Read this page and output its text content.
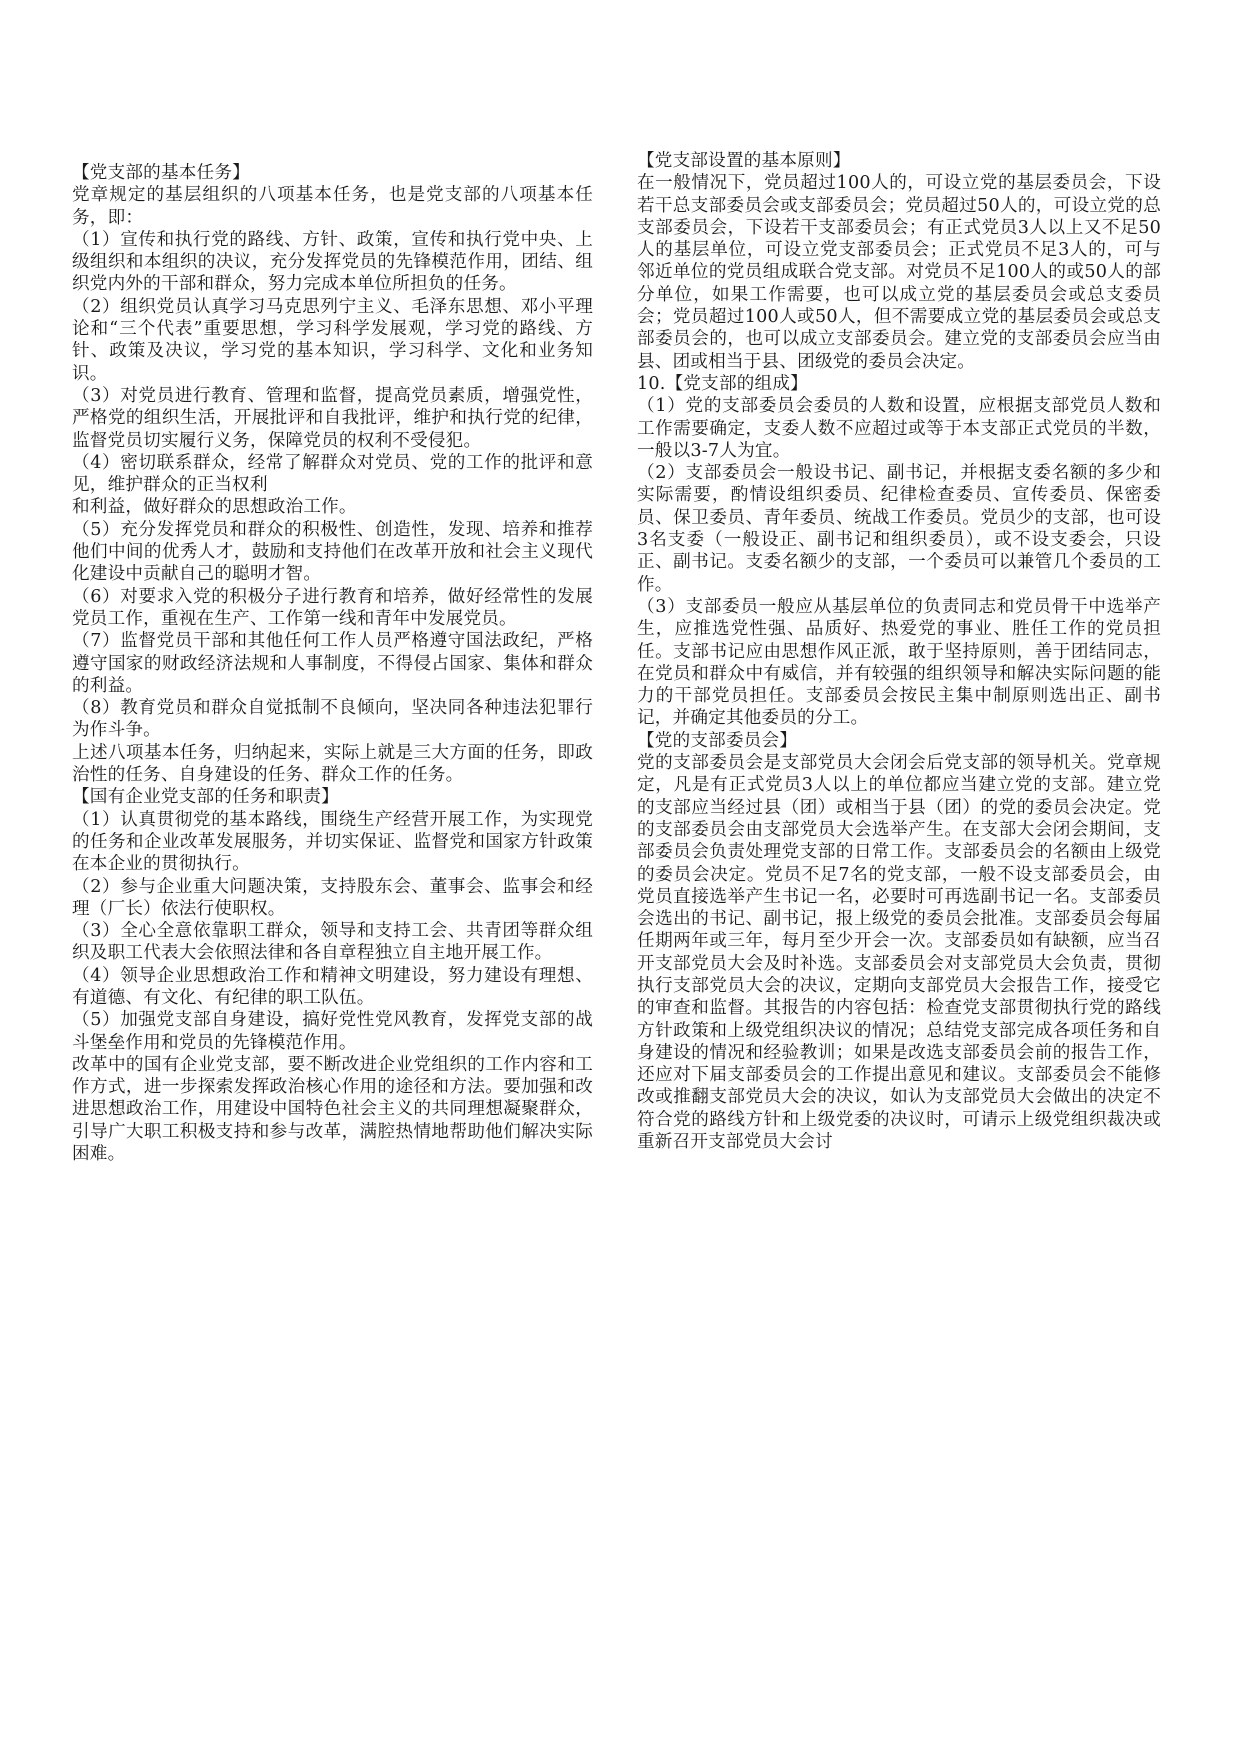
【党支部的基本任务】

党章规定的基层组织的八项基本任务，也是党支部的八项基本任务，即：

（1）宣传和执行党的路线、方针、政策，宣传和执行党中央、上级组织和本组织的决议，充分发挥党员的先锋模范作用，团结、组织党内外的干部和群众，努力完成本单位所担负的任务。

（2）组织党员认真学习马克思列宁主义、毛泽东思想、邓小平理论和“三个代表”重要思想，学习科学发展观，学习党的路线、方针、政策及决议，学习党的基本知识，学习科学、文化和业务知识。

（3）对党员进行教育、管理和监督，提高党员素质，增强党性，严格党的组织生活，开展批评和自我批评，维护和执行党的纪律，监督党员切实履行义务，保障党员的权利不受侵犯。

（4）密切联系群众，经常了解群众对党员、党的工作的批评和意见，维护群众的正当权利

和利益，做好群众的思想政治工作。

（5）充分发挥党员和群众的积极性、创造性，发现、培养和推荐他们中间的优秀人才，鼓励和支持他们在改革开放和社会主义现代化建设中贡献自己的聪明才智。

（6）对要求入党的积极分子进行教育和培养，做好经常性的发展党员工作，重视在生产、工作第一线和青年中发展党员。

（7）监督党员干部和其他任何工作人员严格遵守国法政纪，严格遵守国家的财政经济法规和人事制度，不得侵占国家、集体和群众的利益。

（8）教育党员和群众自觉抵制不良倾向，坚决同各种违法犯罪行为作斗争。

上述八项基本任务，归纳起来，实际上就是三大方面的任务，即政治性的任务、自身建设的任务、群众工作的任务。

【国有企业党支部的任务和职责】

（1）认真贯彻党的基本路线，围绕生产经营开展工作，为实现党的任务和企业改革发展服务，并切实保证、监督党和国家方针政策在本企业的贯彻执行。

（2）参与企业重大问题决策，支持股东会、董事会、监事会和经理（厂长）依法行使职权。

（3）全心全意依靠职工群众，领导和支持工会、共青团等群众组织及职工代表大会依照法律和各自章程独立自主地开展工作。

（4）领导企业思想政治工作和精神文明建设，努力建设有理想、有道德、有文化、有纪律的职工队伍。

（5）加强党支部自身建设，搞好党性党风教育，发挥党支部的战斗堡垒作用和党员的先锋模范作用。

改革中的国有企业党支部，要不断改进企业党组织的工作内容和工作方式，进一步探索发挥政治核心作用的途径和方法。要加强和改进思想政治工作，用建设中国特色社会主义的共同理想凝聚群众，引导广大职工积极支持和参与改革，满腔热情地帮助他们解决实际困难。

【党支部设置的基本原则】

在一般情况下，党员超过100人的，可设立党的基层委员会，下设若干总支部委员会或支部委员会；党员超过50人的，可设立党的总支部委员会，下设若干支部委员会；有正式党员3人以上又不足50人的基层单位，可设立党支部委员会；正式党员不足3人的，可与邻近单位的党员组成联合党支部。对党员不足100人的或50人的部分单位，如果工作需要，也可以成立党的基层委员会或总支委员会；党员超过100人或50人，但不需要成立党的基层委员会或总支部委员会的，也可以成立支部委员会。建立党的支部委员会应当由县、团或相当于县、团级党的委员会决定。

10.【党支部的组成】

（1）党的支部委员会委员的人数和设置，应根据支部党员人数和工作需要确定，支委人数不应超过或等于本支部正式党员的半数，一般以3-7人为宜。

（2）支部委员会一般设书记、副书记，并根据支委名额的多少和实际需要，酌情设组织委员、纪律检查委员、宣传委员、保密委员、保卫委员、青年委员、统战工作委员。党员少的支部，也可设3名支委（一般设正、副书记和组织委员），或不设支委会，只设正、副书记。支委名额少的支部，一个委员可以兼管几个委员的工作。

（3）支部委员一般应从基层单位的负责同志和党员骨干中选举产生，应推选党性强、品质好、热爱党的事业、胜任工作的党员担任。支部书记应由思想作风正派，敢于坚持原则，善于团结同志，在党员和群众中有威信，并有较强的组织领导和解决实际问题的能力的干部党员担任。支部委员会按民主集中制原则选出正、副书记，并确定其他委员的分工。

【党的支部委员会】

党的支部委员会是支部党员大会闭会后党支部的领导机关。党章规定，凡是有正式党员3人以上的单位都应当建立党的支部。建立党的支部应当经过县（团）或相当于县（团）的党的委员会决定。党的支部委员会由支部党员大会选举产生。在支部大会闭会期间，支部委员会负责处理党支部的日常工作。支部委员会的名额由上级党的委员会决定。党员不足7名的党支部，一般不设支部委员会，由党员直接选举产生书记一名，必要时可再选副书记一名。支部委员会选出的书记、副书记，报上级党的委员会批准。支部委员会每届任期两年或三年，每月至少开会一次。支部委员如有缺额，应当召开支部党员大会及时补选。支部委员会对支部党员大会负责，贯彻执行支部党员大会的决议，定期向支部党员大会报告工作，接受它的审查和监督。其报告的内容包括：检查党支部贯彻执行党的路线方针政策和上级党组织决议的情况；总结党支部完成各项任务和自身建设的情况和经验教训；如果是改选支部委员会前的报告工作，还应对下届支部委员会的工作提出意见和建议。支部委员会不能修改或推翻支部党员大会的决议，如认为支部党员大会做出的决定不符合党的路线方针和上级党委的决议时，可请示上级党组织裁决或重新召开支部党员大会讨
